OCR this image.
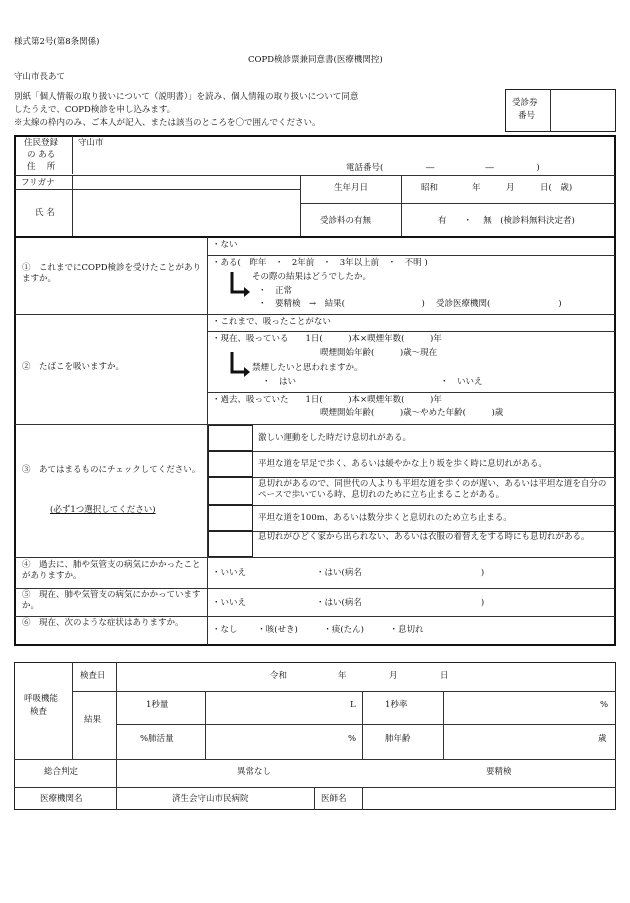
様式第2号(第8条関係)
COPD検診票兼同意書(医療機関控)
守山市長あて
別紙「個人情報の取り扱いについて（説明書）」を読み、個人情報の取り扱いについて同意
したうえで、COPD検診を申し込みます。
※太線の枠内のみ、ご本人が記入、または該当のところを〇で囲んでください。
受診券
番号
住民登録
の ある
住　 所
守山市
電話番号(　　　　　―　　　　　　―　　　　　)
フリガナ
氏 名
生年月日	昭和　　　　年　　　月　　　日(　歳)
受診料の有無	有　　・　 無　(検診料無料決定者)
①　これまでにCOPD検診を受けたことがありますか。
・ない
・ある(　昨年　・　2年前　・　3年以上前　・　不明 )
その際の結果はどうでしたか。
・　正常
・　要精検　→　結果(　　　　　　　　　)　 受診医療機関(　　　　　　　　)
②　たばこを吸いますか。
・これまで、吸ったことがない
・現在、吸っている　　1日(　　　)本×喫煙年数(　　　)年
喫煙開始年齢(　　　)歳～現在
禁煙したいと思われますか。
・　はい	・　いいえ
・過去、吸っていた　　1日(　　　)本×喫煙年数(　　　)年
喫煙開始年齢(　　　)歳～やめた年齢(　　　)歳
③　あてはまるものにチェックしてください。
(必ず1つ選択してください)
激しい運動をした時だけ息切れがある。
平坦な道を早足で歩く、あるいは緩やかな上り坂を歩く時に息切れがある。
息切れがあるので、同世代の人よりも平坦な道を歩くのが遅い、あるいは平坦な道を自分のペースで歩いている時、息切れのために立ち止まることがある。
平坦な道を100m、あるいは数分歩くと息切れのため立ち止まる。
息切れがひどく家から出られない、あるいは衣服の着替えをする時にも息切れがある。
④　過去に、肺や気管支の病気にかかったことがありますか。	・いいえ	・はい(病名　　　　　　　　　　　　　　)
⑤　現在、肺や気管支の病気にかかっていますか。	・いいえ	・はい(病名　　　　　　　　　　　　　　)
⑥　現在、次のような症状はありますか。
・なし　　 ・咳(せき)　　　・痰(たん)　　　・息切れ
呼吸機能
検査
検査日	令和　　　　　　年　　　　　月　　　　　日
結果
1秒量	L	1秒率	%
%肺活量	%	肺年齢	歳
総合判定	異常なし	要精検
医療機関名	済生会守山市民病院	医師名
